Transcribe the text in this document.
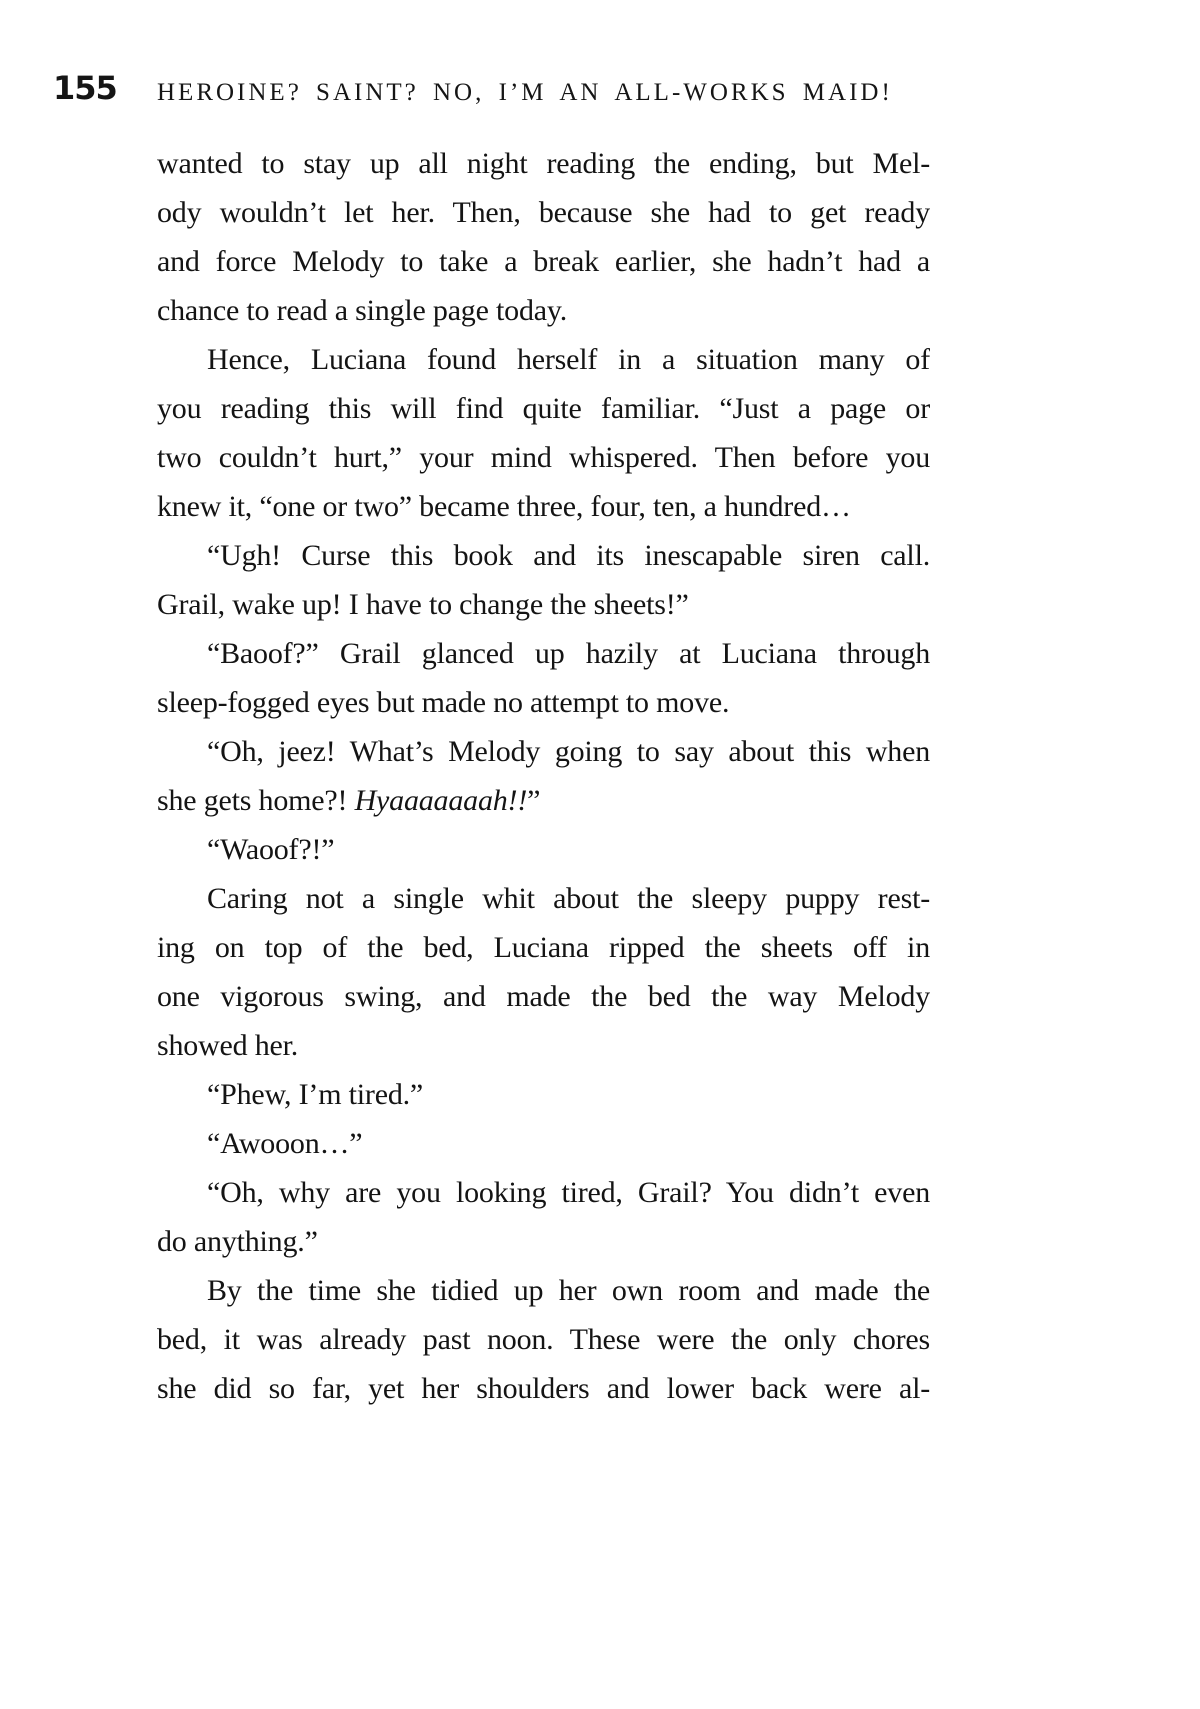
155 HEROINE? SAINT? NO, I’M AN ALL-WORKS MAID!
wanted to stay up all night reading the ending, but Mel-
ody wouldn’t let her. Then, because she had to get ready
and force Melody to take a break earlier, she hadn’t had a
chance to read a single page today.
Hence, Luciana found herself in a situation many of
you reading this will find quite familiar. “Just a page or
two couldn’t hurt,” your mind whispered. Then before you
knew it, “one or two” became three, four, ten, a hundred…
“Ugh! Curse this book and its inescapable siren call.
Grail, wake up! I have to change the sheets!”
“Baoof?” Grail glanced up hazily at Luciana through
sleep-fogged eyes but made no attempt to move.
“Oh, jeez! What’s Melody going to say about this when
she gets home?! Hyaaaaaaah!!”
“Waoof?!”
Caring not a single whit about the sleepy puppy rest-
ing on top of the bed, Luciana ripped the sheets off in
one vigorous swing, and made the bed the way Melody
showed her.
“Phew, I’m tired.”
“Awooon…”
“Oh, why are you looking tired, Grail? You didn’t even
do anything.”
By the time she tidied up her own room and made the
bed, it was already past noon. These were the only chores
she did so far, yet her shoulders and lower back were al-
